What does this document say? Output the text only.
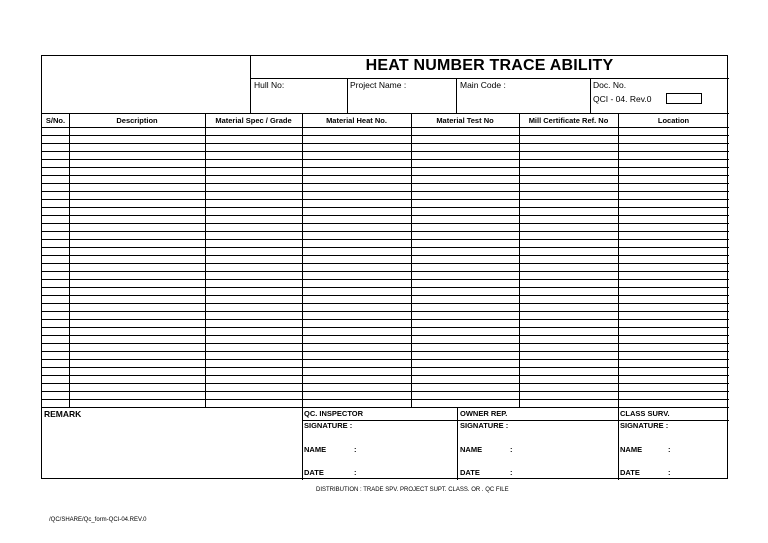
HEAT NUMBER TRACE ABILITY
Hull No:	Project Name :	Main Code :	Doc. No.
QCI - 04. Rev.0
S/No.	Description	Material Spec / Grade	Material Heat No.	Material Test No	Mill Certificate Ref. No	Location
REMARK	QC. INSPECTOR
SIGNATURE :
NAME	:
DATE	:
OWNER REP.
SIGNATURE :
NAME	:
DATE	:
CLASS SURV.
SIGNATURE :
NAME	:
DATE	:
DISTRIBUTION : TRADE SPV. PROJECT SUPT. CLASS. OR . QC FILE
/QC/SHARE/Qc_form-QCI-04.REV.0
